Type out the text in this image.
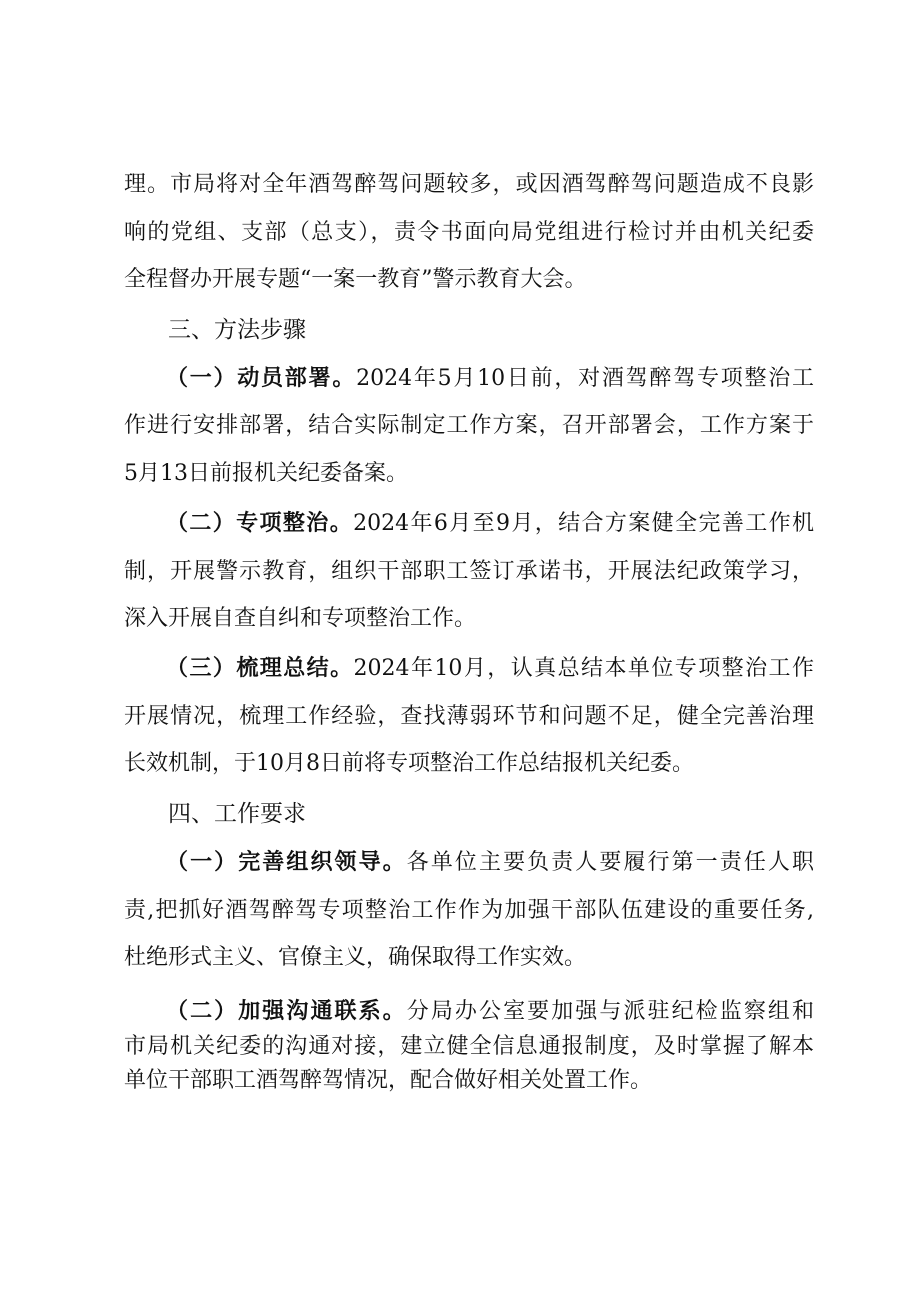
理。市局将对全年酒驾醉驾问题较多，或因酒驾醉驾问题造成不良影
响的党组、支部（总支），责令书面向局党组进行检讨并由机关纪委
全程督办开展专题“一案一教育”警示教育大会。
三、方法步骤
（一）动员部署。2024年5月10日前，对酒驾醉驾专项整治工
作进行安排部署，结合实际制定工作方案，召开部署会，工作方案于
5月13日前报机关纪委备案。
（二）专项整治。2024年6月至9月，结合方案健全完善工作机
制，开展警示教育，组织干部职工签订承诺书，开展法纪政策学习，
深入开展自查自纠和专项整治工作。
（三）梳理总结。2024年10月，认真总结本单位专项整治工作
开展情况，梳理工作经验，查找薄弱环节和问题不足，健全完善治理
长效机制，于10月8日前将专项整治工作总结报机关纪委。
四、工作要求
（一）完善组织领导。各单位主要负责人要履行第一责任人职
责,把抓好酒驾醉驾专项整治工作作为加强干部队伍建设的重要任务,
杜绝形式主义、官僚主义，确保取得工作实效。
（二）加强沟通联系。分局办公室要加强与派驻纪检监察组和
市局机关纪委的沟通对接，建立健全信息通报制度，及时掌握了解本
单位干部职工酒驾醉驾情况，配合做好相关处置工作。
